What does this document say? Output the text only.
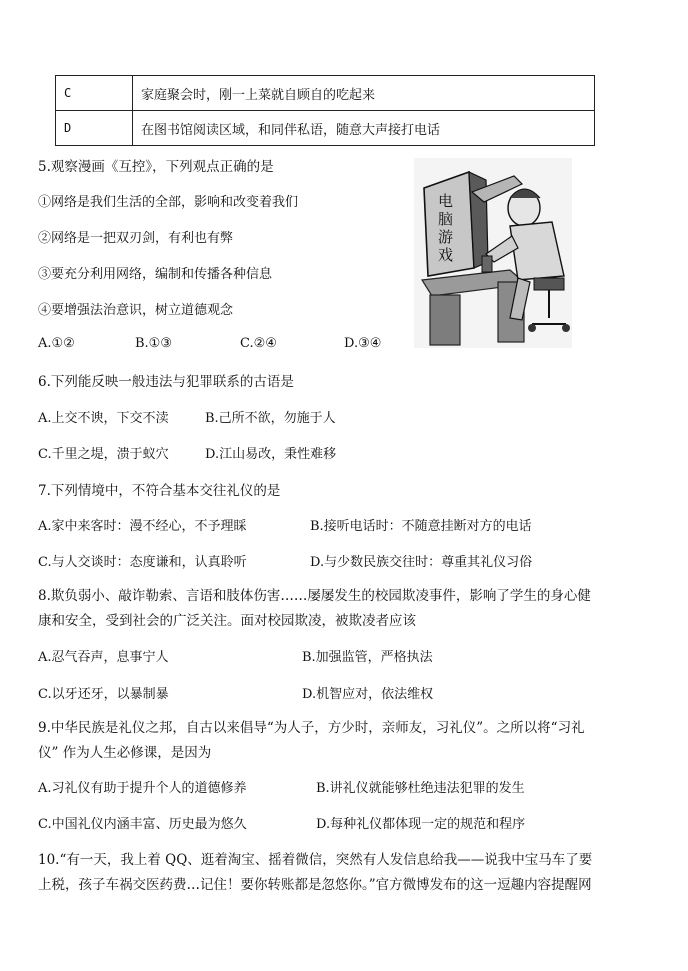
C	家庭聚会时，刚一上菜就自顾自的吃起来
D	在图书馆阅读区域，和同伴私语，随意大声接打电话
5.观察漫画《互控》，下列观点正确的是
①网络是我们生活的全部，影响和改变着我们
②网络是一把双刃剑，有利也有弊
③要充分利用网络，编制和传播各种信息
④要增强法治意识，树立道德观念
A.①②	B.①③	C.②④	D.③④
电
脑
游
戏
6.下列能反映一般违法与犯罪联系的古语是
A.上交不谀，下交不渎	B.己所不欲，勿施于人
C.千里之堤，溃于蚁穴	D.江山易改，秉性难移
7.下列情境中，不符合基本交往礼仪的是
A.家中来客时：漫不经心，不予理睬	B.接听电话时：不随意挂断对方的电话
C.与人交谈时：态度谦和，认真聆听	D.与少数民族交往时：尊重其礼仪习俗
8.欺负弱小、敲诈勒索、言语和肢体伤害……屡屡发生的校园欺凌事件，影响了学生的身心健
康和安全，受到社会的广泛关注。面对校园欺凌，被欺凌者应该
A.忍气吞声，息事宁人	B.加强监管，严格执法
C.以牙还牙，以暴制暴	D.机智应对，依法维权
9.中华民族是礼仪之邦，自古以来倡导“为人子，方少时，亲师友，习礼仪”。之所以将“习礼
仪” 作为人生必修课，是因为
A.习礼仪有助于提升个人的道德修养	B.讲礼仪就能够杜绝违法犯罪的发生
C.中国礼仪内涵丰富、历史最为悠久	D.每种礼仪都体现一定的规范和程序
10.“有一天，我上着 QQ、逛着淘宝、摇着微信，突然有人发信息给我——说我中宝马车了要
上税，孩子车祸交医药费…记住！要你转账都是忽悠你。”官方微博发布的这一逗趣内容提醒网
